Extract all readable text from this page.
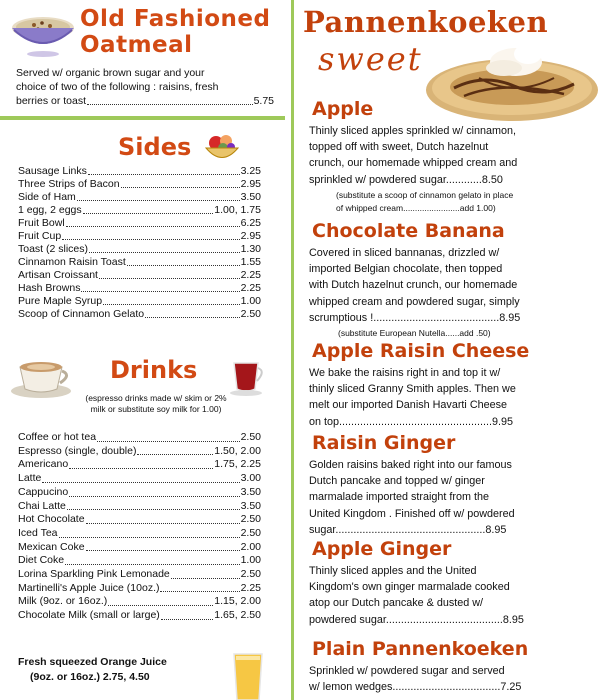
Old Fashioned
Oatmeal
Served w/ organic brown sugar and your
choice of two of the following : raisins, fresh
berries or toast	5.75
Sides
Sausage Links	3.25
Three Strips of Bacon	2.95
Side of Ham	3.50
1 egg, 2 eggs	1.00, 1.75
Fruit Bowl	6.25
Fruit Cup	2.95
Toast (2 slices)	1.30
Cinnamon Raisin Toast	1.55
Artisan Croissant	2.25
Hash Browns	2.25
Pure Maple Syrup	1.00
Scoop of Cinnamon Gelato	2.50
Drinks
(espresso drinks made w/ skim or 2%
milk or substitute soy milk for 1.00)
Coffee or hot tea	2.50
Espresso (single, double)	1.50, 2.00
Americano	1.75, 2.25
Latte	3.00
Cappucino	3.50
Chai Latte	3.50
Hot Chocolate	2.50
Iced Tea	2.50
Mexican Coke	2.00
Diet Coke	1.00
Lorina Sparkling Pink Lemonade	2.50
Martinelli's Apple Juice (10oz.)	2.25
Milk (9oz. or 16oz.)	1.15, 2.00
Chocolate Milk (small or large)	1.65, 2.50
Fresh squeezed Orange Juice
(9oz. or 16oz.) 2.75, 4.50
Pannenkoeken
sweet
Apple
Thinly sliced apples sprinkled w/ cinnamon,
topped off with sweet, Dutch hazelnut
crunch, our homemade whipped cream and
sprinkled w/ powdered sugar............8.50
(substitute a scoop of cinnamon gelato in place
of whipped cream........................add 1.00)
Chocolate Banana
Covered in sliced bannanas, drizzled w/
imported Belgian chocolate, then topped
with Dutch hazelnut crunch, our homemade
whipped cream and powdered sugar, simply
scrumptious !..........................................8.95
(substitute European Nutella......add .50)
Apple Raisin Cheese
We bake the raisins right in and top it w/
thinly sliced Granny Smith apples. Then we
melt our imported Danish Havarti Cheese
on top...................................................9.95
Raisin Ginger
Golden raisins baked right into our famous
Dutch pancake and topped w/ ginger
marmalade imported straight from the
United Kingdom . Finished off w/ powdered
sugar..................................................8.95
Apple Ginger
Thinly sliced apples and the United
Kingdom's own ginger marmalade cooked
atop our Dutch pancake & dusted w/
powdered sugar.......................................8.95
Plain Pannenkoeken
Sprinkled w/ powdered sugar and served
w/ lemon wedges....................................7.25
